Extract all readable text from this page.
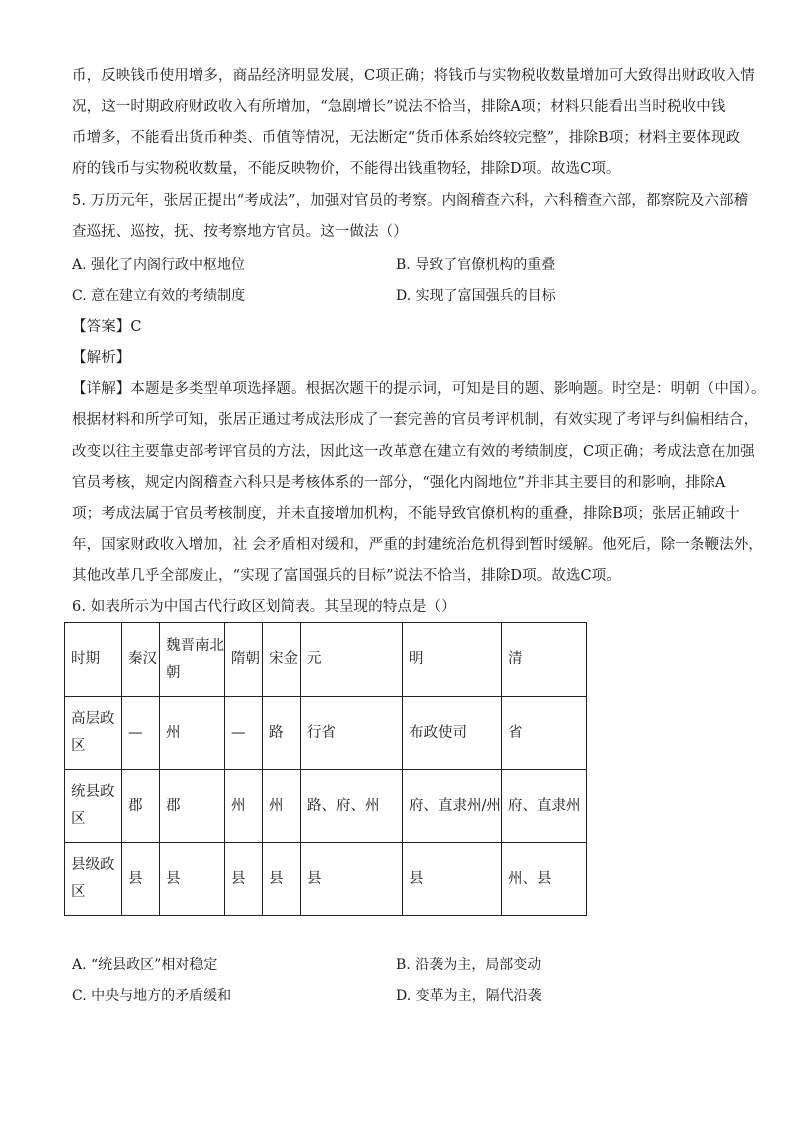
币，反映钱币使用增多，商品经济明显发展，C项正确；将钱币与实物税收数量增加可大致得出财政收入情
况，这一时期政府财政收入有所增加，“急剧增长”说法不恰当，排除A项；材料只能看出当时税收中钱
币增多，不能看出货币种类、币值等情况，无法断定“货币体系始终较完整”，排除B项；材料主要体现政
府的钱币与实物税收数量，不能反映物价，不能得出钱重物轻，排除D项。故选C项。
5. 万历元年，张居正提出“考成法”，加强对官员的考察。内阁稽查六科，六科稽查六部，都察院及六部稽
查巡抚、巡按，抚、按考察地方官员。这一做法（）
A. 强化了内阁行政中枢地位	B. 导致了官僚机构的重叠
C. 意在建立有效的考绩制度	D. 实现了富国强兵的目标
【答案】C
【解析】
【详解】本题是多类型单项选择题。根据次题干的提示词，可知是目的题、影响题。时空是：明朝（中国）。
根据材料和所学可知，张居正通过考成法形成了一套完善的官员考评机制，有效实现了考评与纠偏相结合，
改变以往主要靠吏部考评官员的方法，因此这一改革意在建立有效的考绩制度，C项正确；考成法意在加强
官员考核，规定内阁稽查六科只是考核体系的一部分，“强化内阁地位”并非其主要目的和影响，排除A
项；考成法属于官员考核制度，并未直接增加机构，不能导致官僚机构的重叠，排除B项；张居正辅政十
年，国家财政收入增加，社 会矛盾相对缓和，严重的封建统治危机得到暂时缓解。他死后，除一条鞭法外，
其他改革几乎全部废止，“实现了富国强兵的目标”说法不恰当，排除D项。故选C项。
6. 如表所示为中国古代行政区划简表。其呈现的特点是（）
时期	秦汉	魏晋南北朝	隋朝	宋金	元	明	清
高层政区	—	州	—	路	行省	布政使司	省
统县政区	郡	郡	州	州	路、府、州	府、直隶州/州	府、直隶州
县级政区	县	县	县	县	县	县	州、县
A. “统县政区”相对稳定	B. 沿袭为主，局部变动
C. 中央与地方的矛盾缓和	D. 变革为主，隔代沿袭
